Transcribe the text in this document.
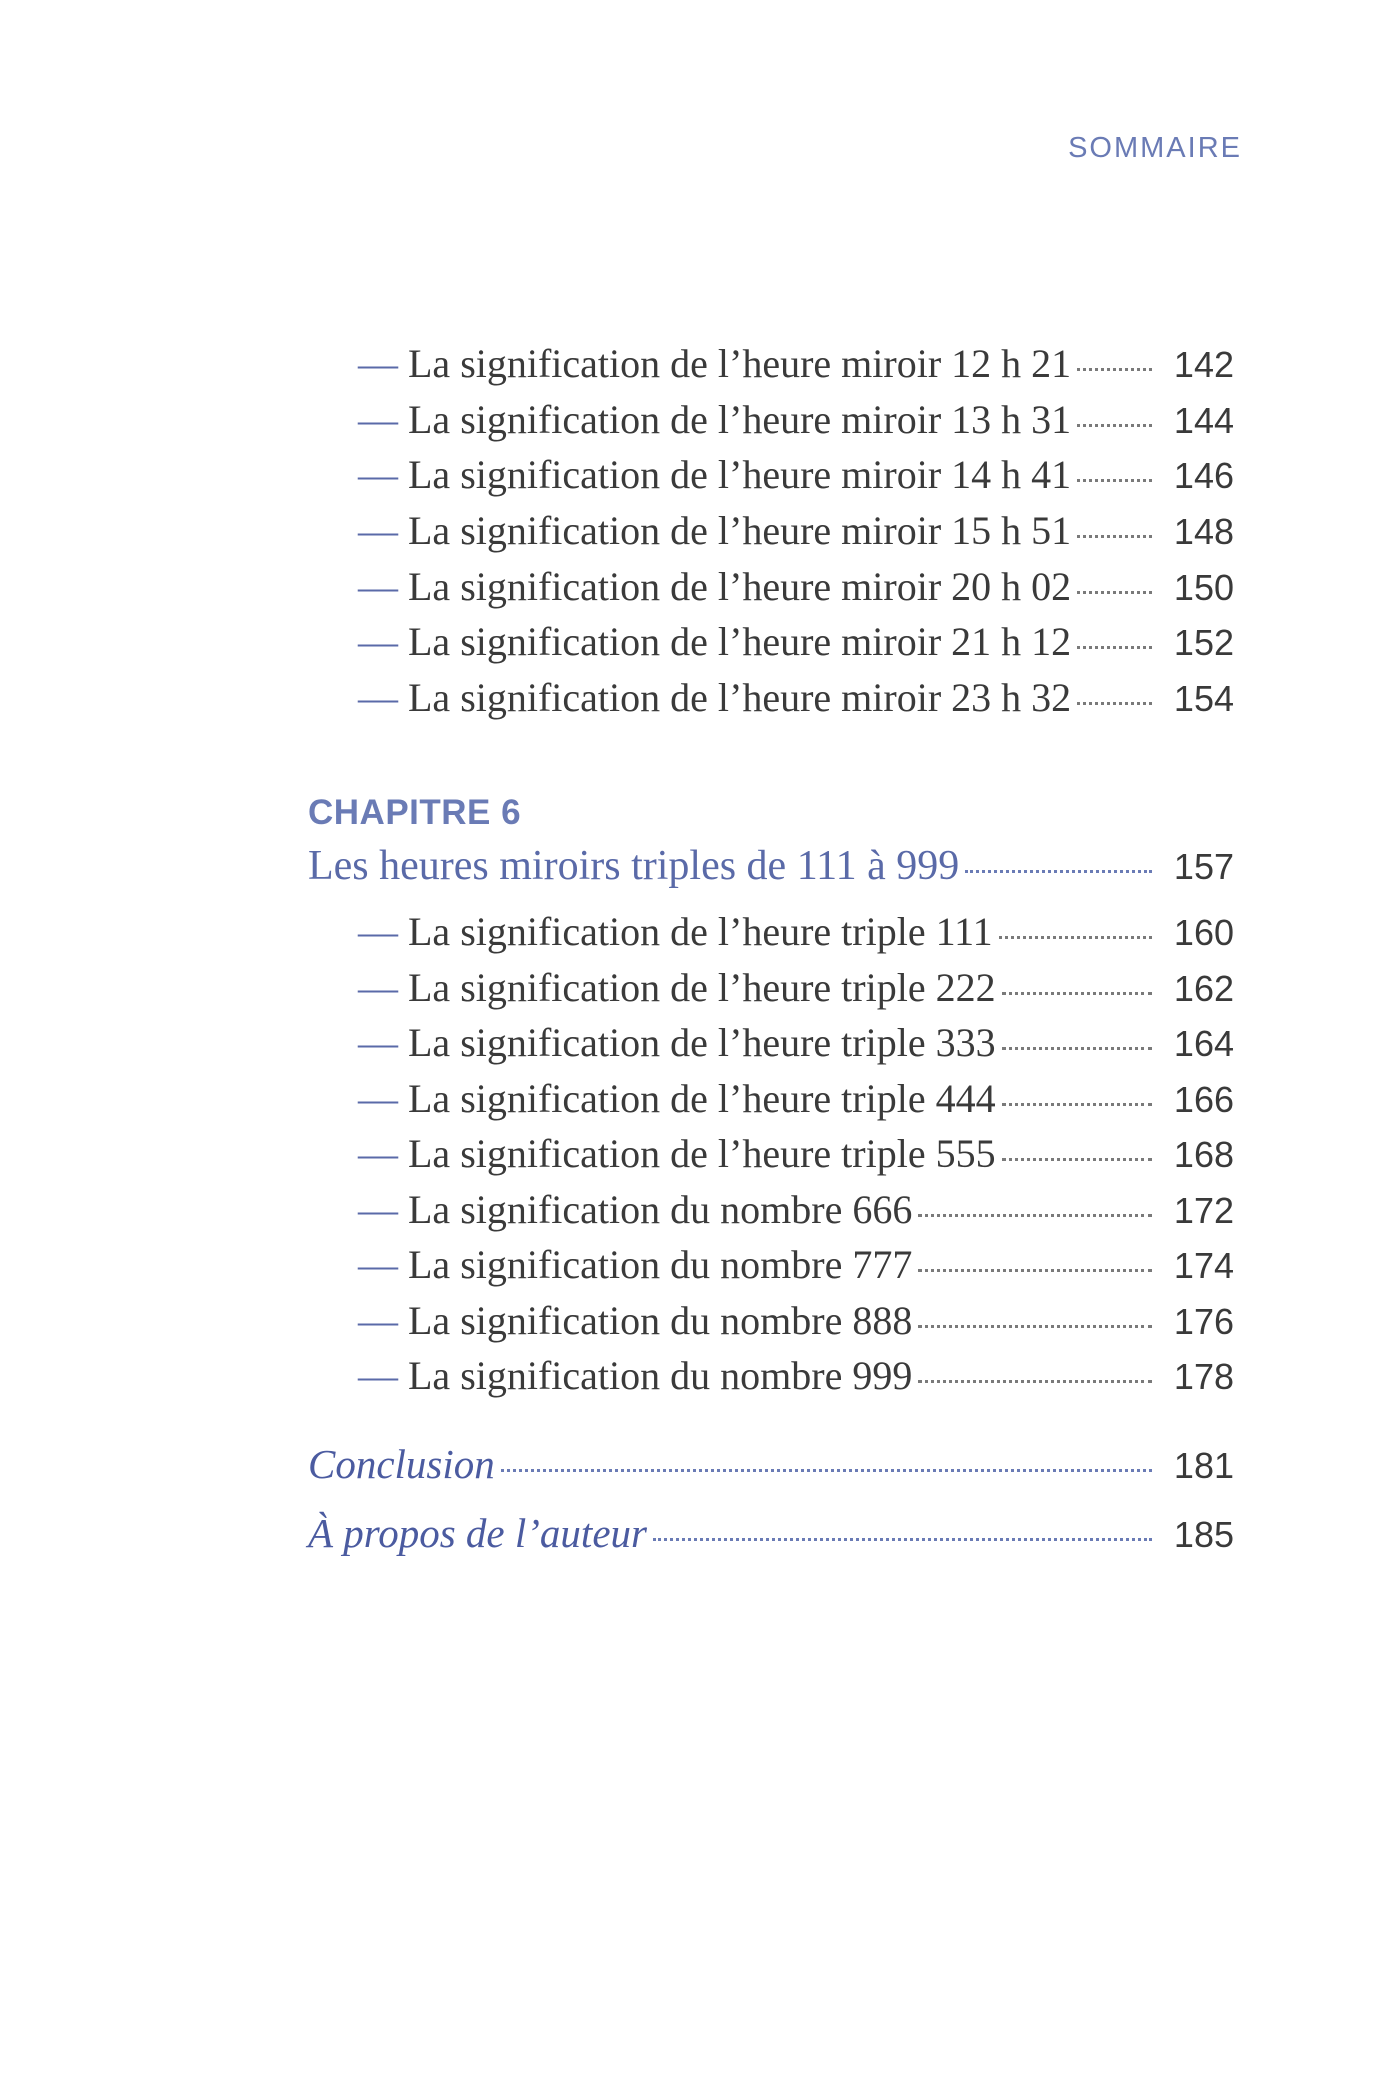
SOMMAIRE
— La signification de l’heure miroir 12 h 21	142
— La signification de l’heure miroir 13 h 31	144
— La signification de l’heure miroir 14 h 41	146
— La signification de l’heure miroir 15 h 51	148
— La signification de l’heure miroir 20 h 02	150
— La signification de l’heure miroir 21 h 12	152
— La signification de l’heure miroir 23 h 32	154
CHAPITRE 6
Les heures miroirs triples de 111 à 999	157
— La signification de l’heure triple 111	160
— La signification de l’heure triple 222	162
— La signification de l’heure triple 333	164
— La signification de l’heure triple 444	166
— La signification de l’heure triple 555	168
— La signification du nombre 666	172
— La signification du nombre 777	174
— La signification du nombre 888	176
— La signification du nombre 999	178
Conclusion	181
À propos de l’auteur	185
